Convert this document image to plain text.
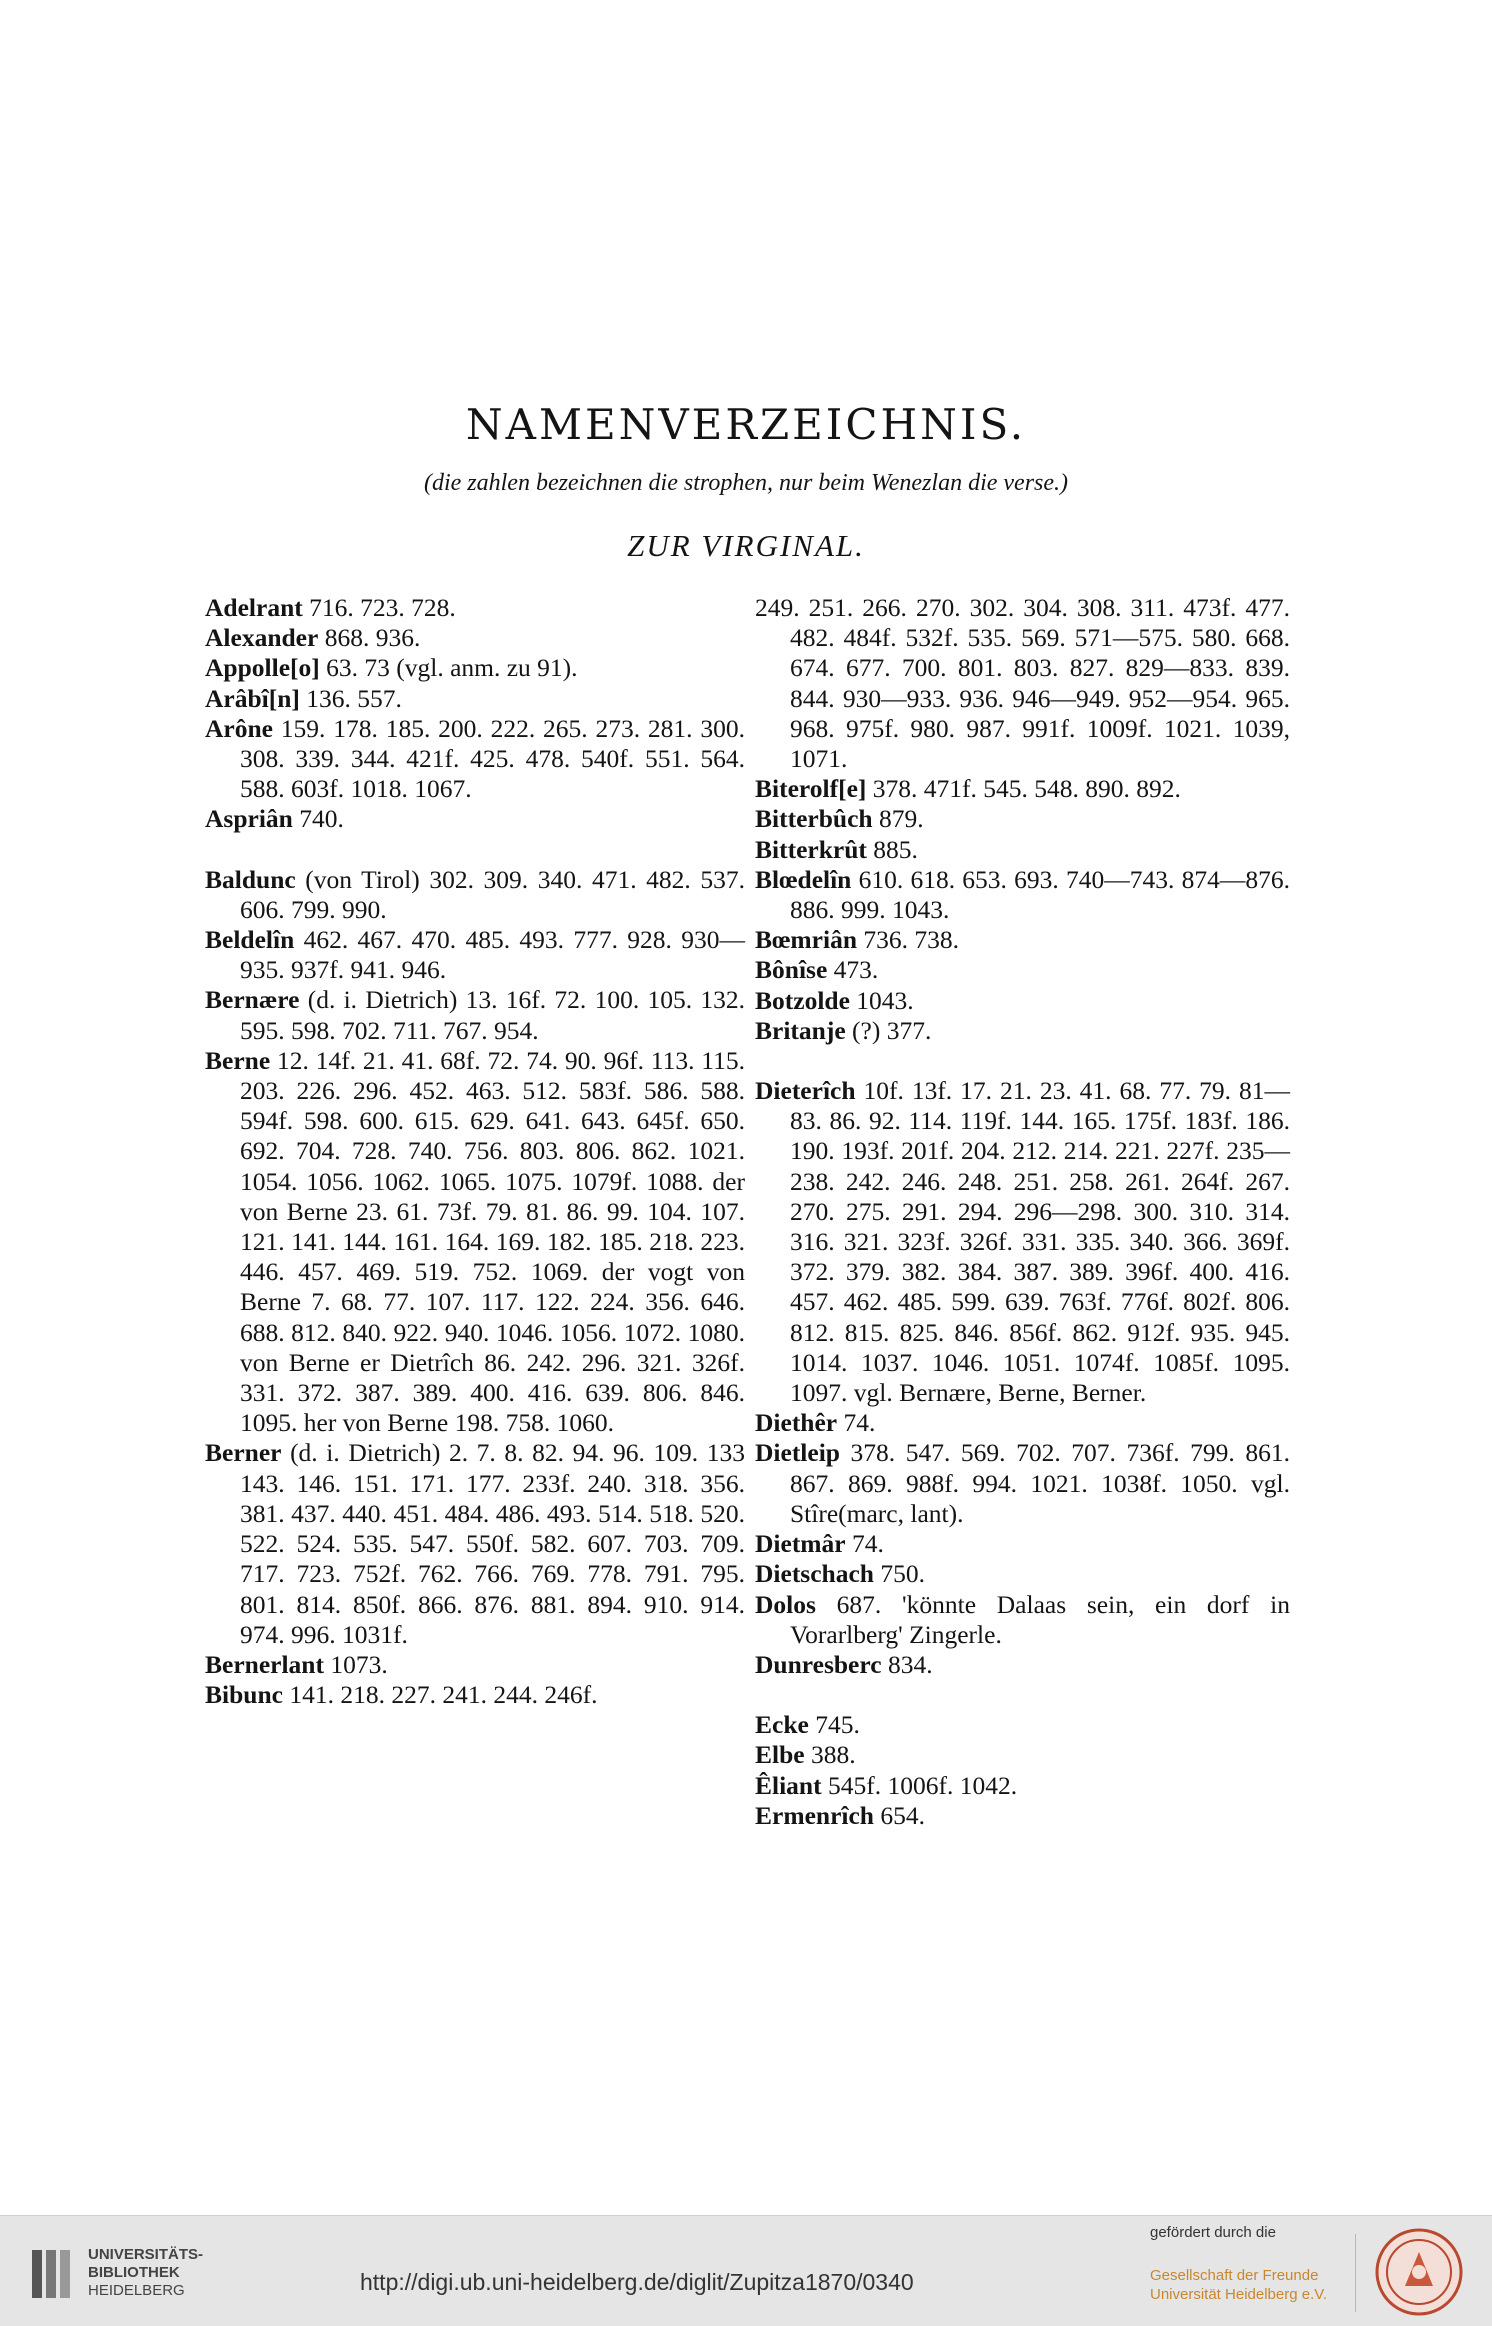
NAMENVERZEICHNIS.
(die zahlen bezeichnen die strophen, nur beim Wenezlan die verse.)
ZUR VIRGINAL.
Adelrant 716. 723. 728.
Alexander 868. 936.
Appolle[o] 63. 73 (vgl. anm. zu 91).
Arâbî[n] 136. 557.
Arône 159. 178. 185. 200. 222. 265. 273. 281. 300. 308. 339. 344. 421f. 425. 478. 540f. 551. 564. 588. 603f. 1018. 1067.
Aspriân 740.
Baldunc (von Tirol) 302. 309. 340. 471. 482. 537. 606. 799. 990.
Beldelîn 462. 467. 470. 485. 493. 777. 928. 930—935. 937f. 941. 946.
Bernære (d. i. Dietrich) 13. 16f. 72. 100. 105. 132. 595. 598. 702. 711. 767. 954.
Berne 12. 14f. 21. 41. 68f. 72. 74. 90. 96f. 113. 115. 203. 226. 296. 452. 463. 512. 583f. 586. 588. 594f. 598. 600. 615. 629. 641. 643. 645f. 650. 692. 704. 728. 740. 756. 803. 806. 862. 1021. 1054. 1056. 1062. 1065. 1075. 1079f. 1088. der von Berne 23. 61. 73f. 79. 81. 86. 99. 104. 107. 121. 141. 144. 161. 164. 169. 182. 185. 218. 223. 446. 457. 469. 519. 752. 1069. der vogt von Berne 7. 68. 77. 107. 117. 122. 224. 356. 646. 688. 812. 840. 922. 940. 1046. 1056. 1072. 1080. von Berne er Dietrîch 86. 242. 296. 321. 326f. 331. 372. 387. 389. 400. 416. 639. 806. 846. 1095. her von Berne 198. 758. 1060.
Berner (d. i. Dietrich) 2. 7. 8. 82. 94. 96. 109. 133 143. 146. 151. 171. 177. 233f. 240. 318. 356. 381. 437. 440. 451. 484. 486. 493. 514. 518. 520. 522. 524. 535. 547. 550f. 582. 607. 703. 709. 717. 723. 752f. 762. 766. 769. 778. 791. 795. 801. 814. 850f. 866. 876. 881. 894. 910. 914. 974. 996. 1031f.
Bernerlant 1073.
Bibunc 141. 218. 227. 241. 244. 246f.
249. 251. 266. 270. 302. 304. 308. 311. 473f. 477. 482. 484f. 532f. 535. 569. 571—575. 580. 668. 674. 677. 700. 801. 803. 827. 829—833. 839. 844. 930—933. 936. 946—949. 952—954. 965. 968. 975f. 980. 987. 991f. 1009f. 1021. 1039, 1071.
Biterolf[e] 378. 471f. 545. 548. 890. 892.
Bitterbûch 879.
Bitterkrût 885.
Blœdelîn 610. 618. 653. 693. 740—743. 874—876. 886. 999. 1043.
Bœmriân 736. 738.
Bônîse 473.
Botzolde 1043.
Britanje (?) 377.
Dieterîch 10f. 13f. 17. 21. 23. 41. 68. 77. 79. 81—83. 86. 92. 114. 119f. 144. 165. 175f. 183f. 186. 190. 193f. 201f. 204. 212. 214. 221. 227f. 235—238. 242. 246. 248. 251. 258. 261. 264f. 267. 270. 275. 291. 294. 296—298. 300. 310. 314. 316. 321. 323f. 326f. 331. 335. 340. 366. 369f. 372. 379. 382. 384. 387. 389. 396f. 400. 416. 457. 462. 485. 599. 639. 763f. 776f. 802f. 806. 812. 815. 825. 846. 856f. 862. 912f. 935. 945. 1014. 1037. 1046. 1051. 1074f. 1085f. 1095. 1097. vgl. Bernære, Berne, Berner.
Diethêr 74.
Dietleip 378. 547. 569. 702. 707. 736f. 799. 861. 867. 869. 988f. 994. 1021. 1038f. 1050. vgl. Stîre(marc, lant).
Dietmâr 74.
Dietschach 750.
Dolos 687. 'könnte Dalaas sein, ein dorf in Vorarlberg' Zingerle.
Dunresberc 834.
Ecke 745.
Elbe 388.
Êliant 545f. 1006f. 1042.
Ermenrîch 654.
UNIVERSITÄTS-
BIBLIOTHEK
HEIDELBERG	http://digi.ub.uni-heidelberg.de/diglit/Zupitza1870/0340
gefördert durch die
Gesellschaft der Freunde
Universität Heidelberg e.V.
